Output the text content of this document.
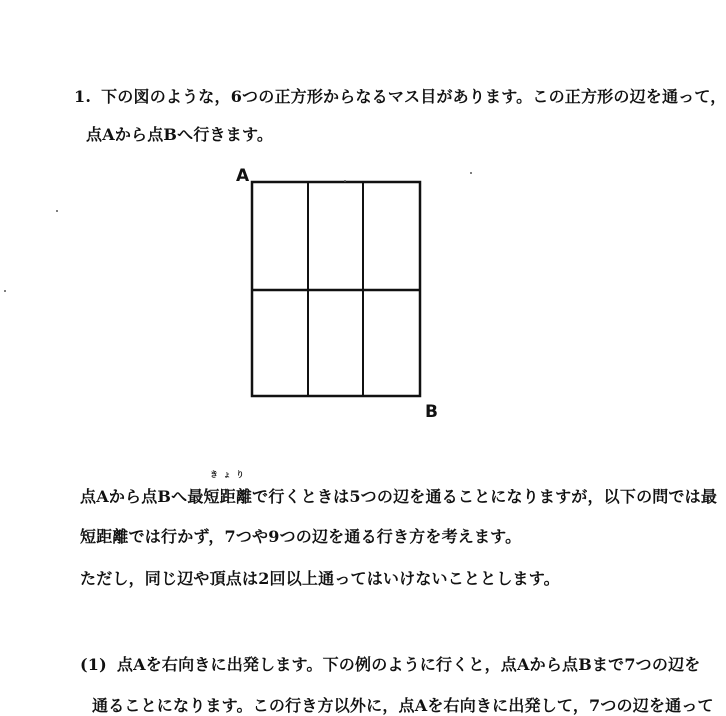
1. 下の図のような，6つの正方形からなるマス目があります。この正方形の辺を通って，
点Aから点Bへ行きます。
A
B
きょり
点Aから点Bへ最短距離で行くときは5つの辺を通ることになりますが，以下の問では最
短距離では行かず，7つや9つの辺を通る行き方を考えます。
ただし，同じ辺や頂点は2回以上通ってはいけないこととします。
(1) 点Aを右向きに出発します。下の例のように行くと，点Aから点Bまで7つの辺を
通ることになります。この行き方以外に，点Aを右向きに出発して，7つの辺を通って
